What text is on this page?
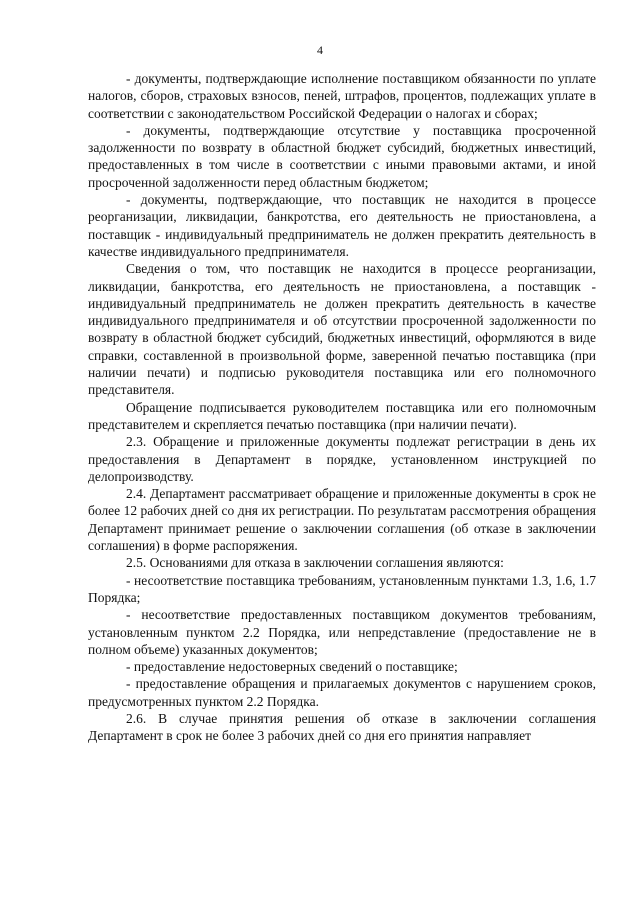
4

- документы, подтверждающие исполнение поставщиком обязанности по уплате налогов, сборов, страховых взносов, пеней, штрафов, процентов, подлежащих уплате в соответствии с законодательством Российской Федерации о налогах и сборах;

- документы, подтверждающие отсутствие у поставщика просроченной задолженности по возврату в областной бюджет субсидий, бюджетных инвестиций, предоставленных в том числе в соответствии с иными правовыми актами, и иной просроченной задолженности перед областным бюджетом;

- документы, подтверждающие, что поставщик не находится в процессе реорганизации, ликвидации, банкротства, его деятельность не приостановлена, а поставщик - индивидуальный предприниматель не должен прекратить деятельность в качестве индивидуального предпринимателя.

Сведения о том, что поставщик не находится в процессе реорганизации, ликвидации, банкротства, его деятельность не приостановлена, а поставщик - индивидуальный предприниматель не должен прекратить деятельность в качестве индивидуального предпринимателя и об отсутствии просроченной задолженности по возврату в областной бюджет субсидий, бюджетных инвестиций, оформляются в виде справки, составленной в произвольной форме, заверенной печатью поставщика (при наличии печати) и подписью руководителя поставщика или его полномочного представителя.

Обращение подписывается руководителем поставщика или его полномочным представителем и скрепляется печатью поставщика (при наличии печати).

2.3. Обращение и приложенные документы подлежат регистрации в день их предоставления в Департамент в порядке, установленном инструкцией по делопроизводству.

2.4. Департамент рассматривает обращение и приложенные документы в срок не более 12 рабочих дней со дня их регистрации. По результатам рассмотрения обращения Департамент принимает решение о заключении соглашения (об отказе в заключении соглашения) в форме распоряжения.

2.5. Основаниями для отказа в заключении соглашения являются:

- несоответствие поставщика требованиям, установленным пунктами 1.3, 1.6, 1.7 Порядка;

- несоответствие предоставленных поставщиком документов требованиям, установленным пунктом 2.2 Порядка, или непредставление (предоставление не в полном объеме) указанных документов;

- предоставление недостоверных сведений о поставщике;

- предоставление обращения и прилагаемых документов с нарушением сроков, предусмотренных пунктом 2.2 Порядка.

2.6. В случае принятия решения об отказе в заключении соглашения Департамент в срок не более 3 рабочих дней со дня его принятия направляет
